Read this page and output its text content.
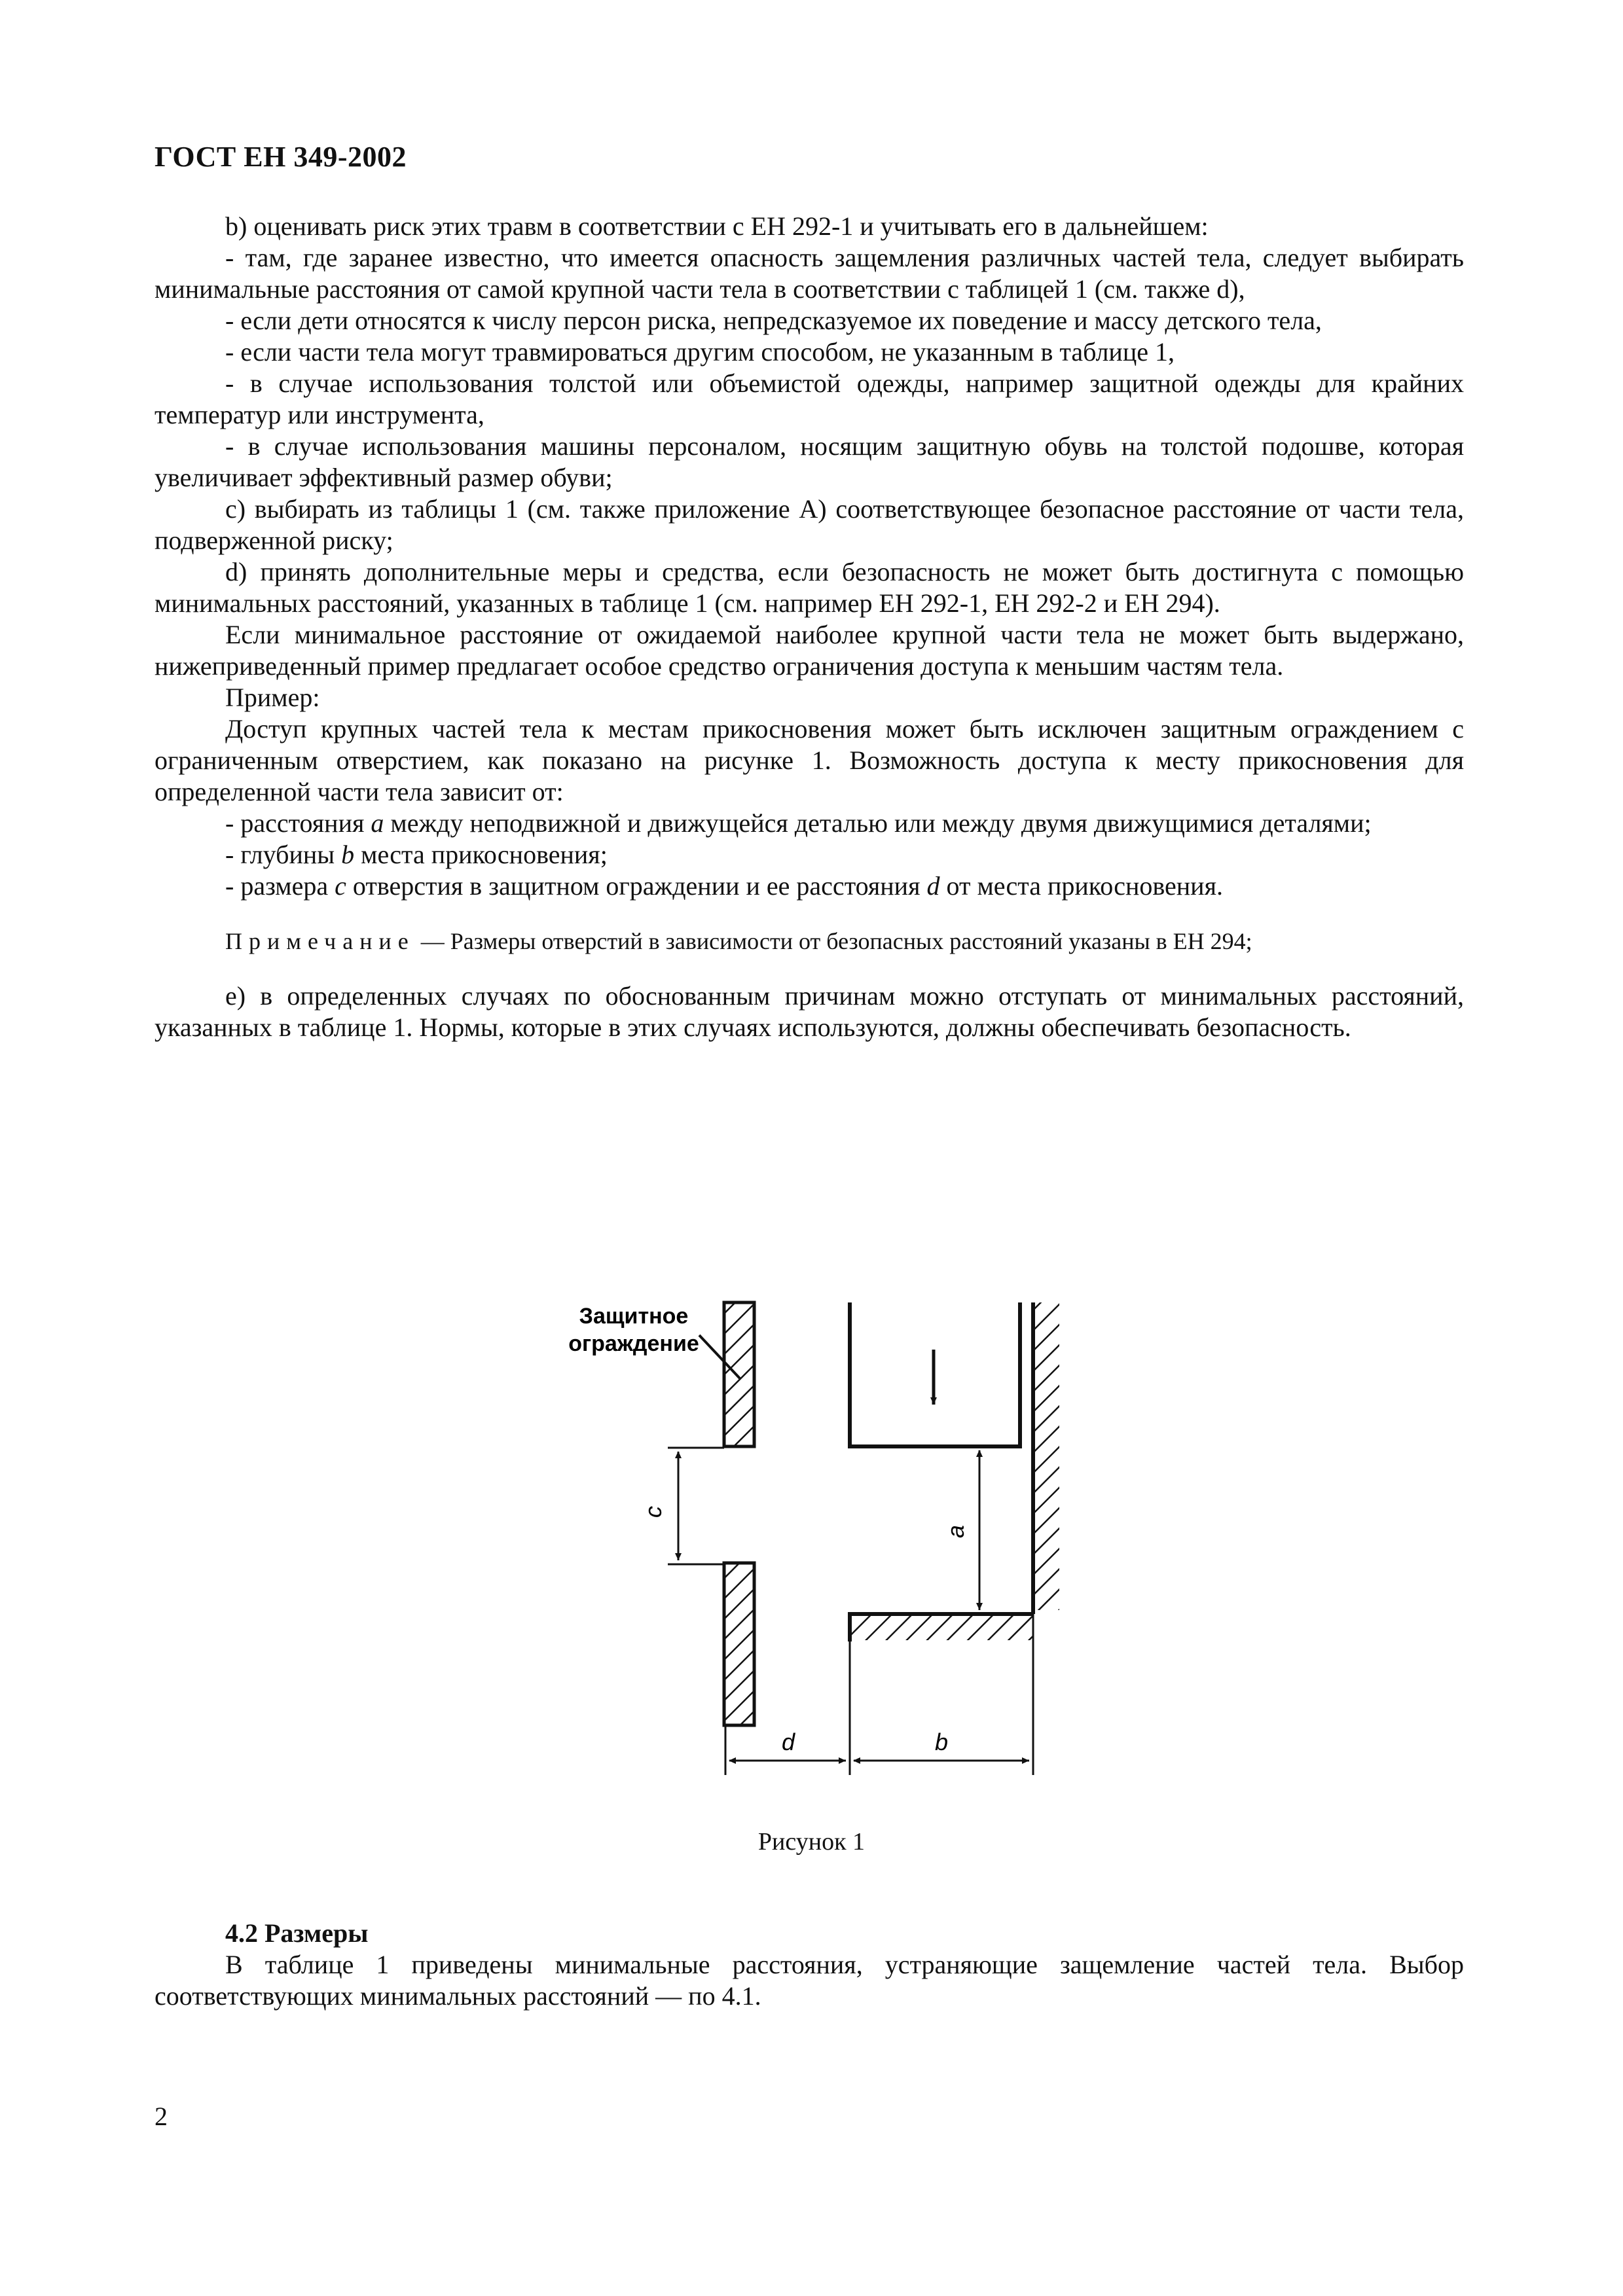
ГОСТ ЕН 349-2002

b) оценивать риск этих травм в соответствии с ЕН 292-1 и учитывать его в дальнейшем:

- там, где заранее известно, что имеется опасность защемления различных частей тела, следует выбирать минимальные расстояния от самой крупной части тела в соответствии с таблицей 1 (см. также d),

- если дети относятся к числу персон риска, непредсказуемое их поведение и массу детского тела,

- если части тела могут травмироваться другим способом, не указанным в таблице 1,

- в случае использования толстой или объемистой одежды, например защитной одежды для крайних температур или инструмента,

- в случае использования машины персоналом, носящим защитную обувь на толстой подошве, которая увеличивает эффективный размер обуви;

c) выбирать из таблицы 1 (см. также приложение А) соответствующее безопасное расстояние от части тела, подверженной риску;

d) принять дополнительные меры и средства, если безопасность не может быть достигнута с помощью минимальных расстояний, указанных в таблице 1 (см. например ЕН 292-1, ЕН 292-2 и ЕН 294).

Если минимальное расстояние от ожидаемой наиболее крупной части тела не может быть выдержано, нижеприведенный пример предлагает особое средство ограничения доступа к меньшим частям тела.

Пример:

Доступ крупных частей тела к местам прикосновения может быть исключен защитным ограждением с ограниченным отверстием, как показано на рисунке 1. Возможность доступа к месту прикосновения для определенной части тела зависит от:

- расстояния a между неподвижной и движущейся деталью или между двумя движущимися деталями;

- глубины b места прикосновения;

- размера c отверстия в защитном ограждении и ее расстояния d от места прикосновения.

Примечание — Размеры отверстий в зависимости от безопасных расстояний указаны в ЕН 294;

e) в определенных случаях по обоснованным причинам можно отступать от минимальных расстояний, указанных в таблице 1. Нормы, которые в этих случаях используются, должны обеспечивать безопасность.

Защитное
ограждение
c
a
d	b
Рисунок 1

4.2 Размеры

В таблице 1 приведены минимальные расстояния, устраняющие защемление частей тела. Выбор соответствующих минимальных расстояний — по 4.1.

2
